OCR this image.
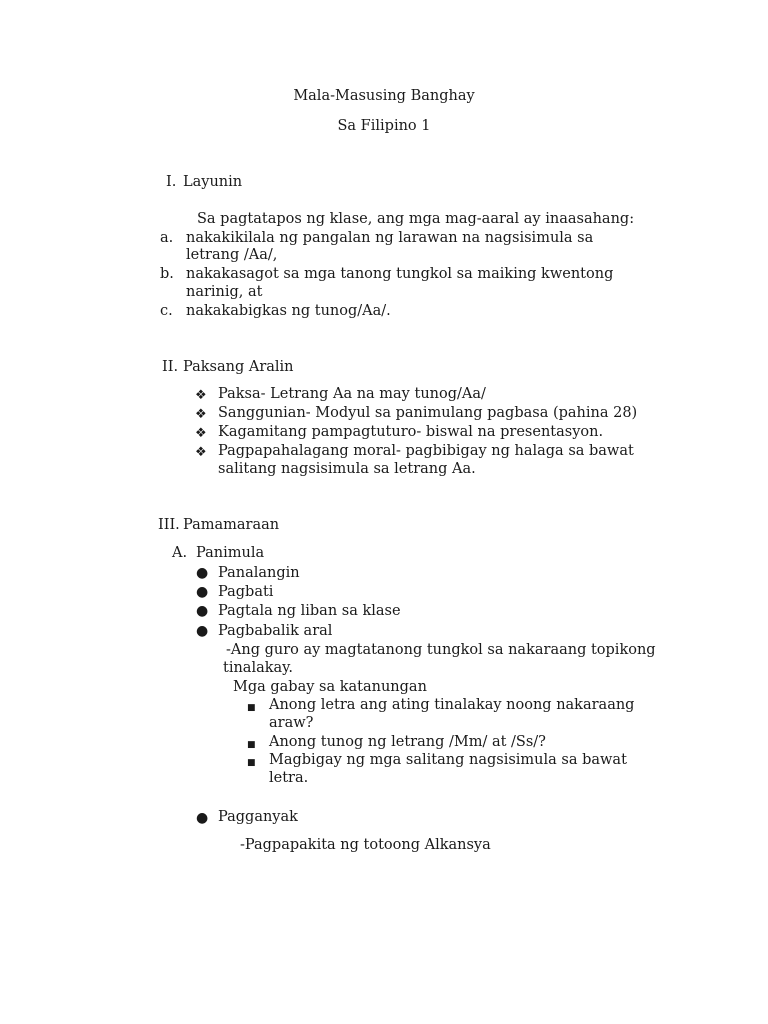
Mala-Masusing Banghay
Sa Filipino 1
I. Layunin
Sa pagtatapos ng klase, ang mga mag-aaral ay inaasahang:
a. nakakikilala ng pangalan ng larawan na nagsisimula sa
letrang /Aa/,
b. nakakasagot sa mga tanong tungkol sa maiking kwentong
narinig, at
c. nakakabigkas ng tunog/Aa/.
II. Paksang Aralin
❖ Paksa- Letrang Aa na may tunog/Aa/
❖ Sanggunian- Modyul sa panimulang pagbasa (pahina 28)
❖ Kagamitang pampagtuturo- biswal na presentasyon.
❖ Pagpapahalagang moral- pagbibigay ng halaga sa bawat
salitang nagsisimula sa letrang Aa.
III. Pamamaraan
A. Panimula
● Panalangin
● Pagbati
● Pagtala ng liban sa klase
● Pagbabalik aral
-Ang guro ay magtatanong tungkol sa nakaraang topikong
tinalakay.
Mga gabay sa katanungan
■ Anong letra ang ating tinalakay noong nakaraang
araw?
■ Anong tunog ng letrang /Mm/ at /Ss/?
■ Magbigay ng mga salitang nagsisimula sa bawat
letra.
● Pagganyak
-Pagpapakita ng totoong Alkansya
